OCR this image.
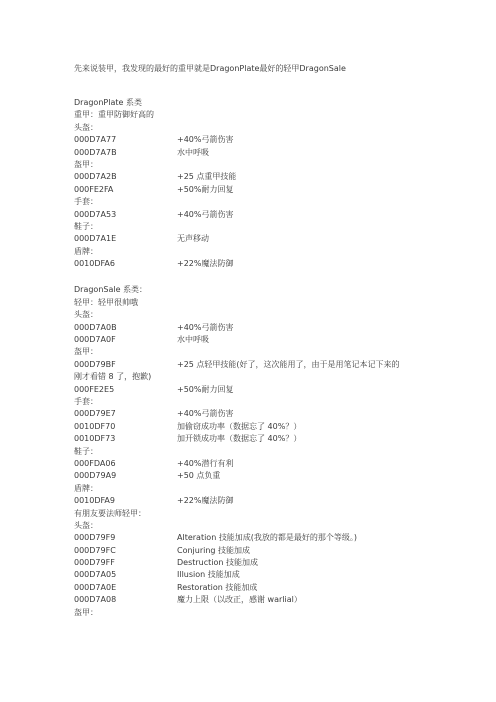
先来说装甲，我发现的最好的重甲就是DragonPlate最好的轻甲DragonSale
DragonPlate 系类
重甲：重甲防御好高的
头盔：
000D7A77	+40%弓箭伤害
000D7A7B	水中呼吸
盔甲：
000D7A2B	+25 点重甲技能
000FE2FA	+50%耐力回复
手套：
000D7A53	+40%弓箭伤害
鞋子：
000D7A1E	无声移动
盾牌：
0010DFA6	+22%魔法防御
DragonSale 系类：
轻甲：轻甲很帅哦
头盔：
000D7A0B	+40%弓箭伤害
000D7A0F	水中呼吸
盔甲：
000D79BF	+25 点轻甲技能(好了，这次能用了，由于是用笔记本记下来的
刚才看错 8 了，抱歉)
000FE2E5	+50%耐力回复
手套：
000D79E7	+40%弓箭伤害
0010DF70	加偷窃成功率（数据忘了 40%？）
0010DF73	加开锁成功率（数据忘了 40%？）
鞋子：
000FDA06	+40%潜行有利
000D79A9	+50 点负重
盾牌：
0010DFA9	+22%魔法防御
有朋友要法师轻甲：
头盔：
000D79F9	Alteration 技能加成(我放的都是最好的那个等级。)
000D79FC	Conjuring 技能加成
000D79FF	Destruction 技能加成
000D7A05	Illusion 技能加成
000D7A0E	Restoration 技能加成
000D7A08	魔力上限（以改正，感谢 warlial）
盔甲：
